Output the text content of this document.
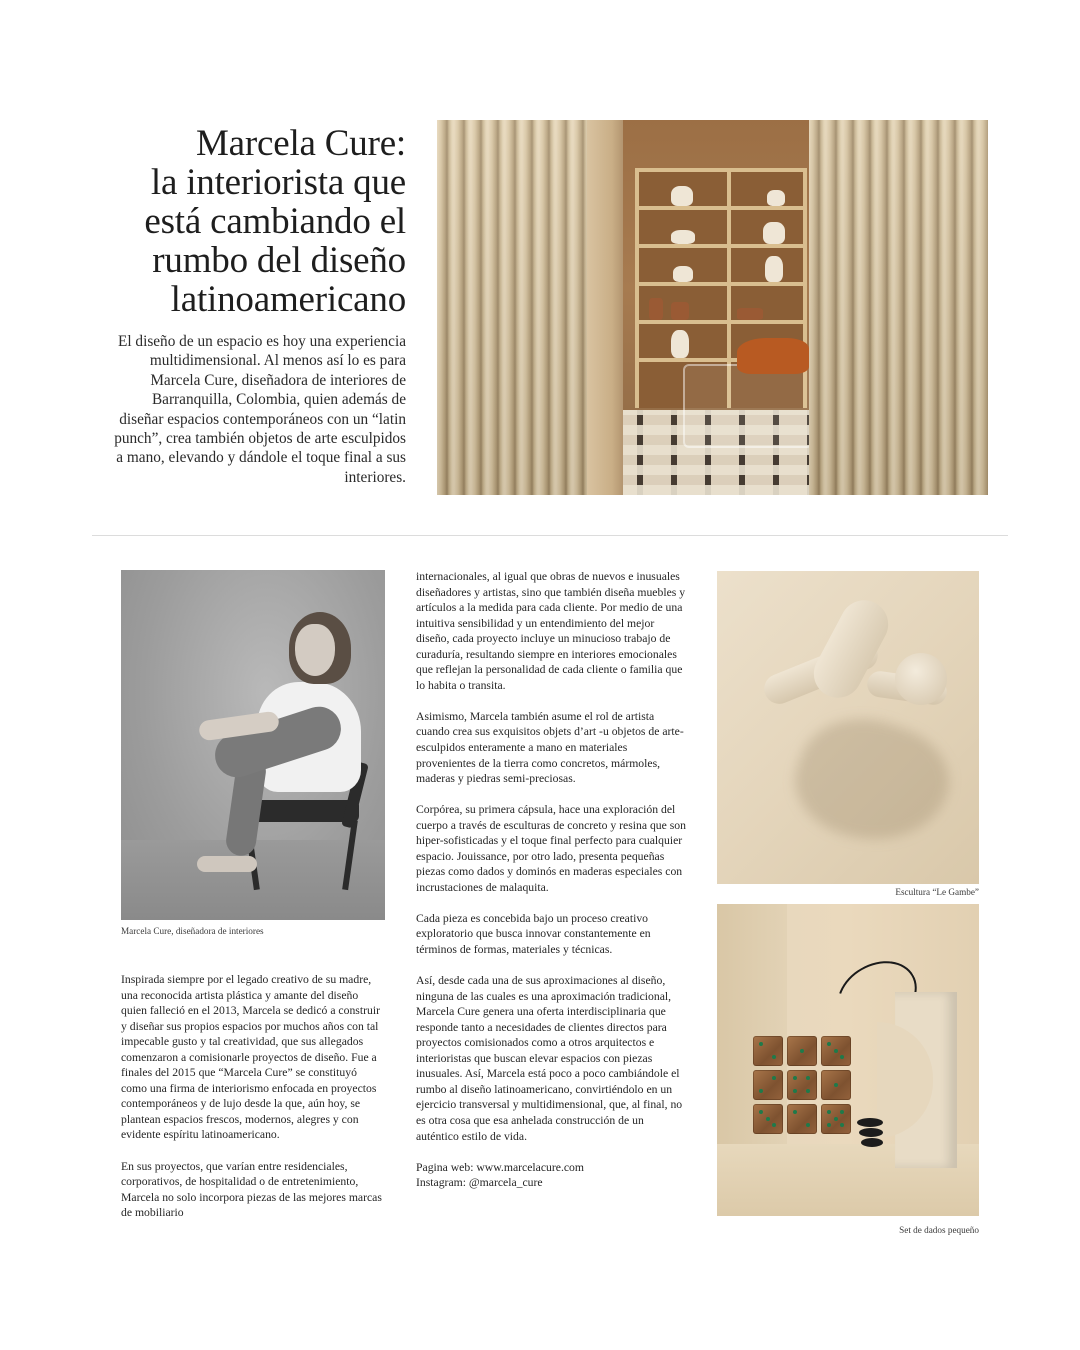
Marcela Cure:
la interiorista que
está cambiando el
rumbo del diseño
latinoamericano

El diseño de un espacio es hoy una experiencia multidimensional. Al menos así lo es para Marcela Cure, diseñadora de interiores de Barranquilla, Colombia, quien además de diseñar espacios contemporáneos con un “latin punch”, crea también objetos de arte esculpidos a mano, elevando y dándole el toque final a sus interiores.

Marcela Cure, diseñadora de interiores

Inspirada siempre por el legado creativo de su madre, una reconocida artista plástica y amante del diseño quien falleció en el 2013, Marcela se dedicó a construir y diseñar sus propios espacios por muchos años con tal impecable gusto y tal creatividad, que sus allegados comenzaron a comisionarle proyectos de diseño. Fue a finales del 2015 que “Marcela Cure” se constituyó como una firma de interiorismo enfocada en proyectos contemporáneos y de lujo desde la que, aún hoy, se plantean espacios frescos, modernos, alegres y con evidente espíritu latinoamericano.

En sus proyectos, que varían entre residenciales, corporativos, de hospitalidad o de entretenimiento, Marcela no solo incorpora piezas de las mejores marcas de mobiliario

internacionales, al igual que obras de nuevos e inusuales diseñadores y artistas, sino que también diseña muebles y artículos a la medida para cada cliente. Por medio de una intuitiva sensibilidad y un entendimiento del mejor diseño, cada proyecto incluye un minucioso trabajo de curaduría, resultando siempre en interiores emocionales que reflejan la personalidad de cada cliente o familia que lo habita o transita.

Asimismo, Marcela también asume el rol de artista cuando crea sus exquisitos objets d’art -u objetos de arte- esculpidos enteramente a mano en materiales provenientes de la tierra como concretos, mármoles, maderas y piedras semi-preciosas.

Corpórea, su primera cápsula, hace una exploración del cuerpo a través de esculturas de concreto y resina que son hiper-sofisticadas y el toque final perfecto para cualquier espacio. Jouissance, por otro lado, presenta pequeñas piezas como dados y dominós en maderas especiales con incrustaciones de malaquita.

Cada pieza es concebida bajo un proceso creativo exploratorio que busca innovar constantemente en términos de formas, materiales y técnicas.

Así, desde cada una de sus aproximaciones al diseño, ninguna de las cuales es una aproximación tradicional, Marcela Cure genera una oferta interdisciplinaria que responde tanto a necesidades de clientes directos para proyectos comisionados como a otros arquitectos e interioristas que buscan elevar espacios con piezas inusuales. Así, Marcela está poco a poco cambiándole el rumbo al diseño latinoamericano, convirtiéndolo en un ejercicio transversal y multidimensional, que, al final, no es otra cosa que esa anhelada construcción de un auténtico estilo de vida.

Pagina web: www.marcelacure.com
Instagram: @marcela_cure

Escultura “Le Gambe”

Set de dados pequeño
